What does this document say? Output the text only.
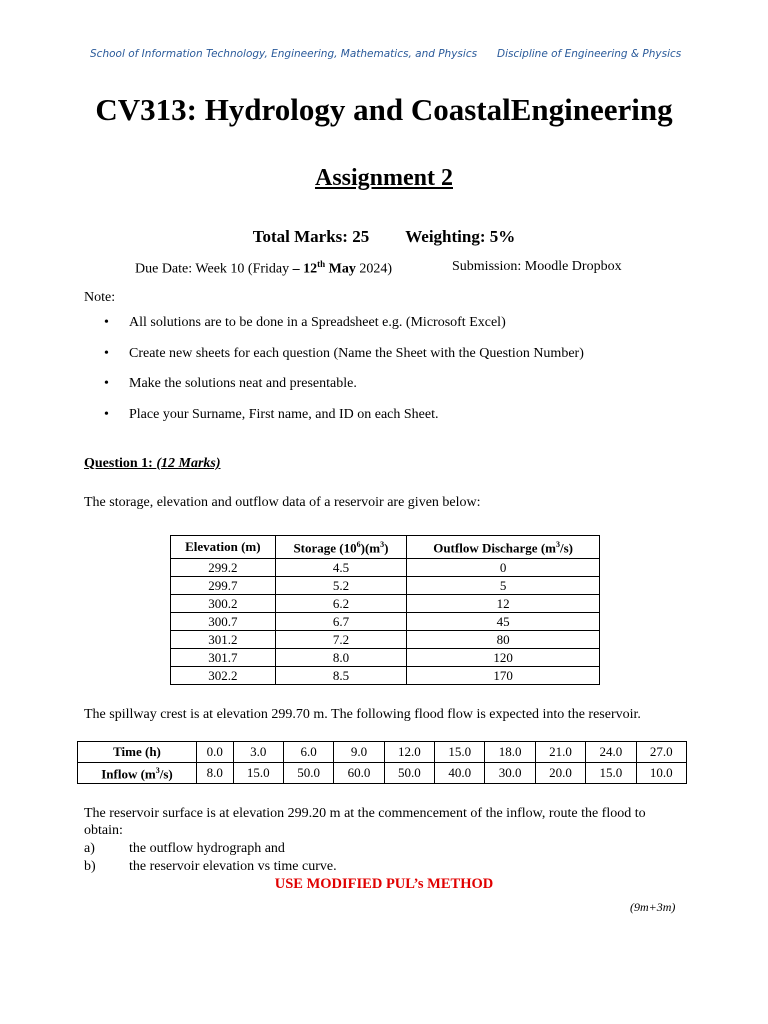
School of Information Technology, Engineering, Mathematics, and Physics Discipline of Engineering & Physics
CV313: Hydrology and CoastalEngineering
Assignment 2
Total Marks: 25 Weighting: 5%
Due Date: Week 10 (Friday – 12th May 2024)	Submission: Moodle Dropbox
Note:
• All solutions are to be done in a Spreadsheet e.g. (Microsoft Excel)
• Create new sheets for each question (Name the Sheet with the Question Number)
• Make the solutions neat and presentable.
• Place your Surname, First name, and ID on each Sheet.
Question 1: (12 Marks)
The storage, elevation and outflow data of a reservoir are given below:
Elevation (m)	Storage $(10^6)(m^3)$	Outflow Discharge $(m^3/s)$
299.2	4.5	0
299.7	5.2	5
300.2	6.2	12
300.7	6.7	45
301.2	7.2	80
301.7	8.0	120
302.2	8.5	170
The spillway crest is at elevation 299.70 m. The following flood flow is expected into the reservoir.
Time (h)	0.0	3.0	6.0	9.0	12.0	15.0	18.0	21.0	24.0	27.0
Inflow $(m^3/s)$	8.0	15.0	50.0	60.0	50.0	40.0	30.0	20.0	15.0	10.0
The reservoir surface is at elevation 299.20 m at the commencement of the inflow, route the flood to obtain:
a) the outflow hydrograph and
b) the reservoir elevation vs time curve.
USE MODIFIED PUL’s METHOD
(9m+3m)
